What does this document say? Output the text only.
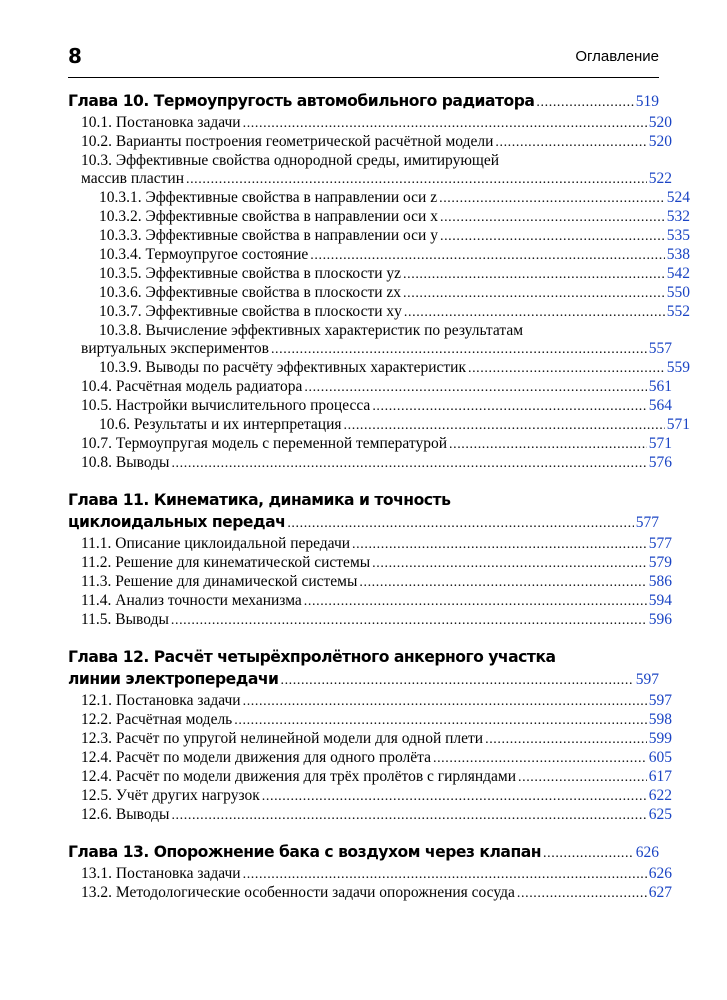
8	Оглавление
Глава 10. Термоупругость автомобильного радиатора .....	519
10.1. Постановка задачи .....	520
10.2. Варианты построения геометрической расчётной модели .....	520
10.3. Эффективные свойства однородной среды, имитирующей
массив пластин .....	522
10.3.1. Эффективные свойства в направлении оси z .....	524
10.3.2. Эффективные свойства в направлении оси x .....	532
10.3.3. Эффективные свойства в направлении оси y .....	535
10.3.4. Термоупругое состояние .....	538
10.3.5. Эффективные свойства в плоскости yz .....	542
10.3.6. Эффективные свойства в плоскости zx .....	550
10.3.7. Эффективные свойства в плоскости xy .....	552
10.3.8. Вычисление эффективных характеристик по результатам
виртуальных экспериментов .....	557
10.3.9. Выводы по расчёту эффективных характеристик .....	559
10.4. Расчётная модель радиатора .....	561
10.5. Настройки вычислительного процесса .....	564
10.6. Результаты и их интерпретация .....	571
10.7. Термоупругая модель с переменной температурой .....	571
10.8. Выводы .....	576
Глава 11. Кинематика, динамика и точность
циклоидальных передач .....	577
11.1. Описание циклоидальной передачи .....	577
11.2. Решение для кинематической системы .....	579
11.3. Решение для динамической системы .....	586
11.4. Анализ точности механизма .....	594
11.5. Выводы .....	596
Глава 12. Расчёт четырёхпролётного анкерного участка
линии электропередачи .....	597
12.1. Постановка задачи .....	597
12.2. Расчётная модель .....	598
12.3. Расчёт по упругой нелинейной модели для одной плети .....	599
12.4. Расчёт по модели движения для одного пролёта .....	605
12.4. Расчёт по модели движения для трёх пролётов с гирляндами .....	617
12.5. Учёт других нагрузок .....	622
12.6. Выводы .....	625
Глава 13. Опорожнение бака с воздухом через клапан .....	626
13.1. Постановка задачи .....	626
13.2. Методологические особенности задачи опорожнения сосуда .....	627
